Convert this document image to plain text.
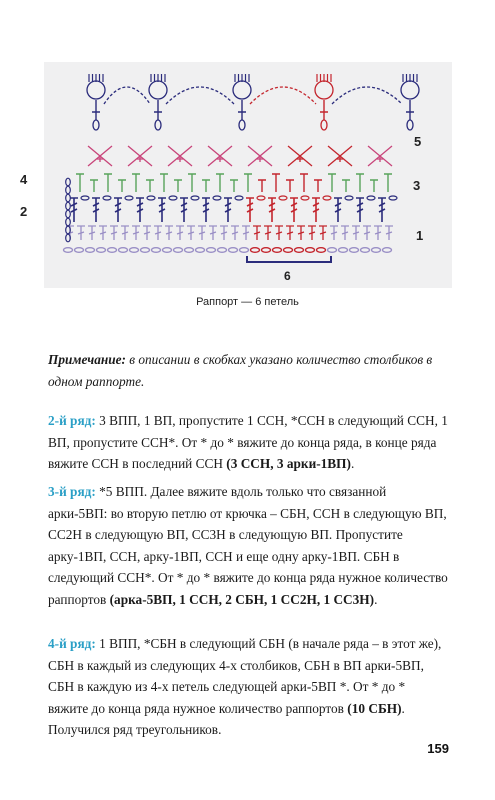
5
4	3
2
1
6
Раппорт — 6 петель

Примечание: в описании в скобках указано количество столбиков в одном раппорте.

2-й ряд: 3 ВПП, 1 ВП, пропустите 1 ССН, *ССН в следующий ССН, 1 ВП, пропустите ССН*. От * до * вяжите до конца ряда, в конце ряда вяжите ССН в последний ССН (3 ССН, 3 арки-1ВП).

3-й ряд: *5 ВПП. Далее вяжите вдоль только что связанной арки-5ВП: во вторую петлю от крючка – СБН, ССН в следующую ВП, СС2Н в следующую ВП, СС3Н в следующую ВП. Пропустите арку-1ВП, ССН, арку-1ВП, ССН и еще одну арку-1ВП. СБН в следующий ССН*. От * до * вяжите до конца ряда нужное количество раппортов (арка-5ВП, 1 ССН, 2 СБН, 1 СС2Н, 1 СС3Н).

4-й ряд: 1 ВПП, *СБН в следующий СБН (в начале ряда – в этот же), СБН в каждый из следующих 4-х столбиков, СБН в ВП арки-5ВП, СБН в каждую из 4-х петель следующей арки-5ВП *. От * до * вяжите до конца ряда нужное количество раппортов (10 СБН). Получился ряд треугольников.

159
